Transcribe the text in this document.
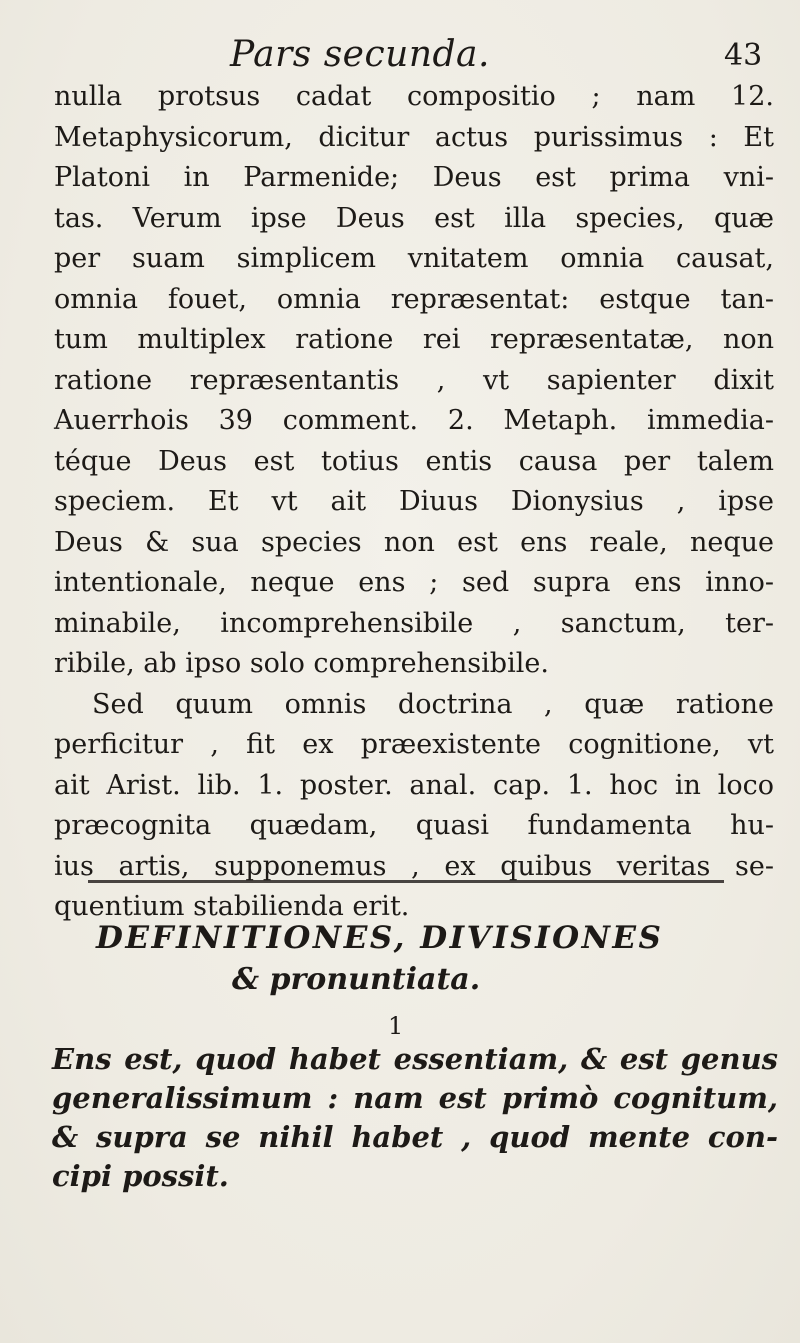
Pars secunda.	43
nulla protsus cadat compositio ; nam 12.
Metaphysicorum, dicitur actus purissimus : Et
Platoni in Parmenide; Deus est prima vni-
tas. Verum ipse Deus est illa species, quæ
per suam simplicem vnitatem omnia causat,
omnia fouet, omnia repræsentat: estque tan-
tum multiplex ratione rei repræsentatæ, non
ratione repræsentantis , vt sapienter dixit
Auerrhois 39 comment. 2. Metaph. immedia-
téque Deus est totius entis causa per talem
speciem. Et vt ait Diuus Dionysius , ipse
Deus & sua species non est ens reale, neque
intentionale, neque ens ; sed supra ens inno-
minabile, incomprehensibile , sanctum, ter-
ribile, ab ipso solo comprehensibile.
Sed quum omnis doctrina , quæ ratione
perficitur , fit ex præexistente cognitione, vt
ait Arist. lib. 1. poster. anal. cap. 1. hoc in loco
præcognita quædam, quasi fundamenta hu-
ius artis, supponemus , ex quibus veritas se-
quentium stabilienda erit.
DEFINITIONES, DIVISIONES
& pronuntiata.
1
Ens est, quod habet essentiam, & est genus
generalissimum : nam est primò cognitum,
& supra se nihil habet , quod mente con-
cipi possit.
